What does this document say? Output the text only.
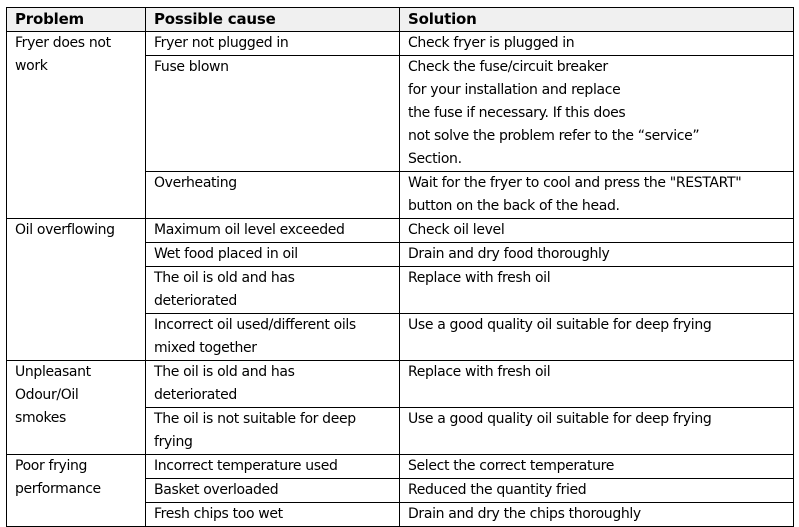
Problem	Possible cause	Solution

Fryer does not
work	Fryer not plugged in	Check fryer is plugged in

	Fuse blown	Check the fuse/circuit breaker
for your installation and replace
the fuse if necessary. If this does
not solve the problem refer to the “service”
Section.

	Overheating	Wait for the fryer to cool and press the "RESTART"
button on the back of the head.

Oil overflowing	Maximum oil level exceeded	Check oil level

	Wet food placed in oil	Drain and dry food thoroughly

	The oil is old and has
deteriorated	Replace with fresh oil

	Incorrect oil used/different oils
mixed together	Use a good quality oil suitable for deep frying

Unpleasant
Odour/Oil
smokes	The oil is old and has
deteriorated	Replace with fresh oil

	The oil is not suitable for deep
frying	Use a good quality oil suitable for deep frying

Poor frying
performance	Incorrect temperature used	Select the correct temperature

	Basket overloaded	Reduced the quantity fried

	Fresh chips too wet	Drain and dry the chips thoroughly
